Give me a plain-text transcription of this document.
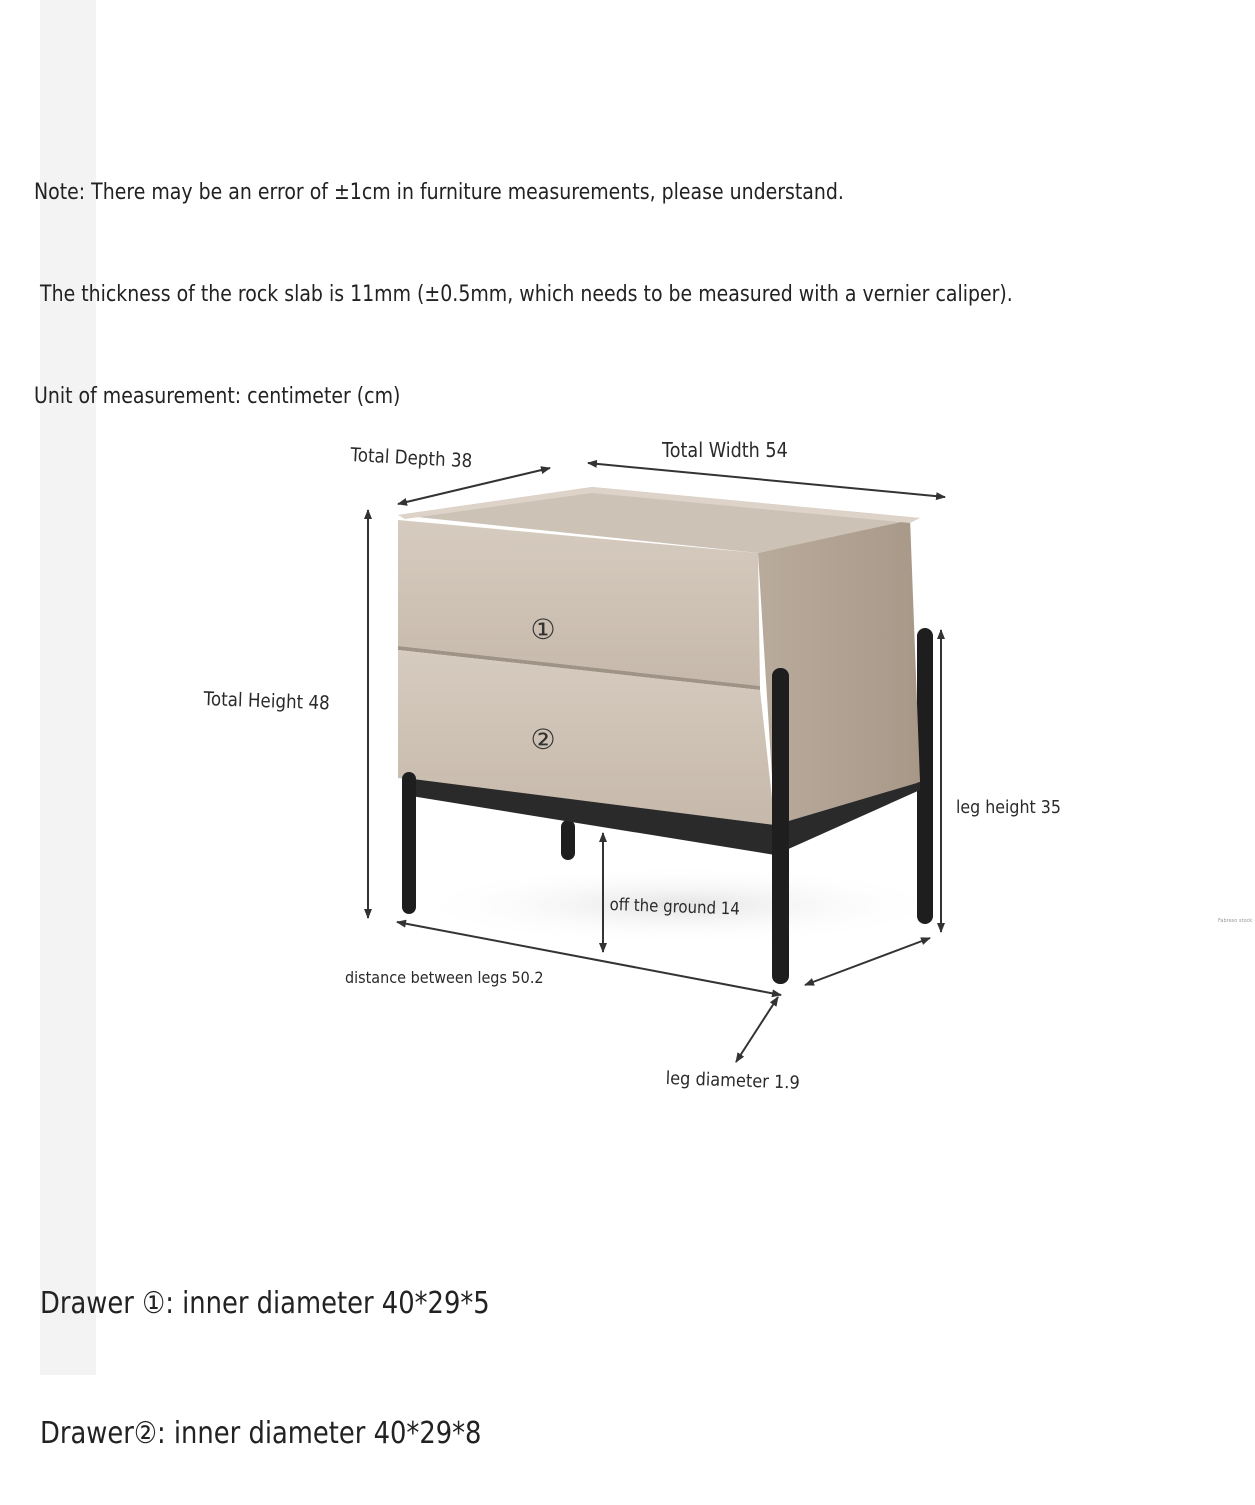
Note: There may be an error of ±1cm in furniture measurements, please understand.

The thickness of the rock slab is 11mm (±0.5mm, which needs to be measured with a vernier caliper).

Unit of measurement: centimeter (cm)

①
②
Total Depth 38	Total Width 54
Total Height 48
leg height 35
off the ground 14
distance between legs 50.2
leg diameter 1.9
Fabreso stock

Drawer ①: inner diameter 40*29*5

Drawer②: inner diameter 40*29*8
